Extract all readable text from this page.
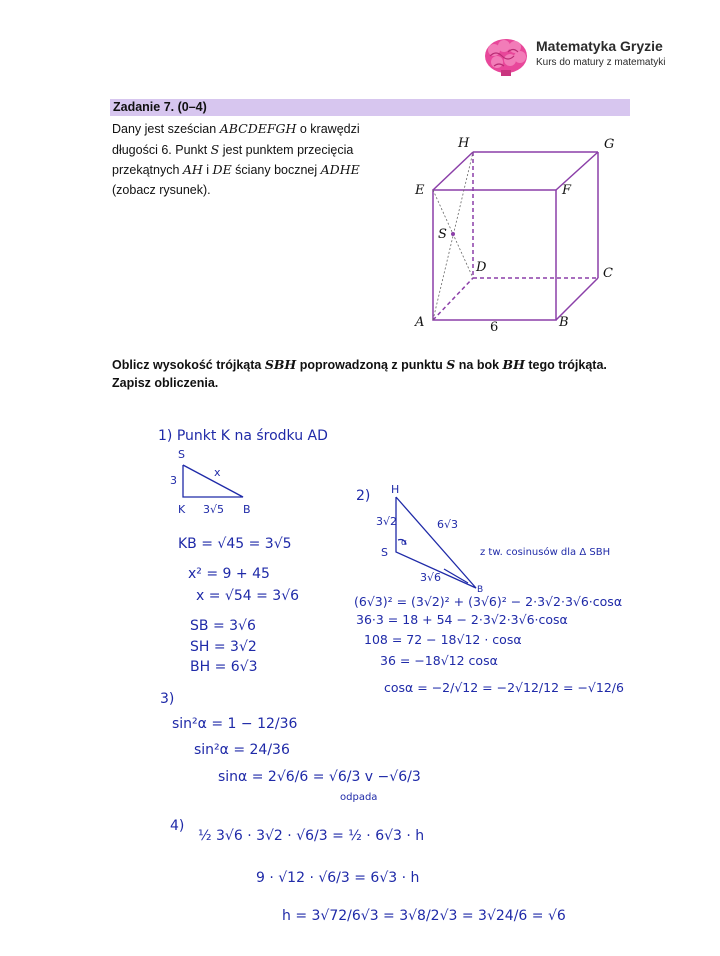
Matematyka Gryzie
Kurs do matury z matematyki
Zadanie 7. (0–4)
Dany jest sześcian ABCDEFGH o krawędzi długości 6. Punkt S jest punktem przecięcia przekątnych AH i DE ściany bocznej ADHE (zobacz rysunek).
H	G
E	F
S
D	C
A	B
6
Oblicz wysokość trójkąta SBH poprowadzoną z punktu S na bok BH tego trójkąta.
Zapisz obliczenia.
1) Punkt K na środku AD
S
3
x
K 3√5 B
KB = √45 = 3√5
x² = 9 + 45
x = √54 = 3√6
SB = 3√6
SH = 3√2
BH = 6√3
2) H
3√2	6√3
S
α
3√6
B
z tw. cosinusów dla Δ SBH
(6√3)² = (3√2)² + (3√6)² − 2·3√2·3√6·cosα
36·3 = 18 + 54 − 2·3√2·3√6·cosα
108 = 72 − 18√12 · cosα
36 = −18√12 cosα
cosα = −2/√12 = −2√12/12 = −√12/6
3)
sin²α = 1 − 12/36
sin²α = 24/36
sinα = 2√6/6 = √6/3 v −√6/3
odpada
4)
½ 3√6 · 3√2 · √6/3 = ½ · 6√3 · h
9 · √12 · √6/3 = 6√3 · h
h = 3√72/6√3 = 3√8/2√3 = 3√24/6 = √6
